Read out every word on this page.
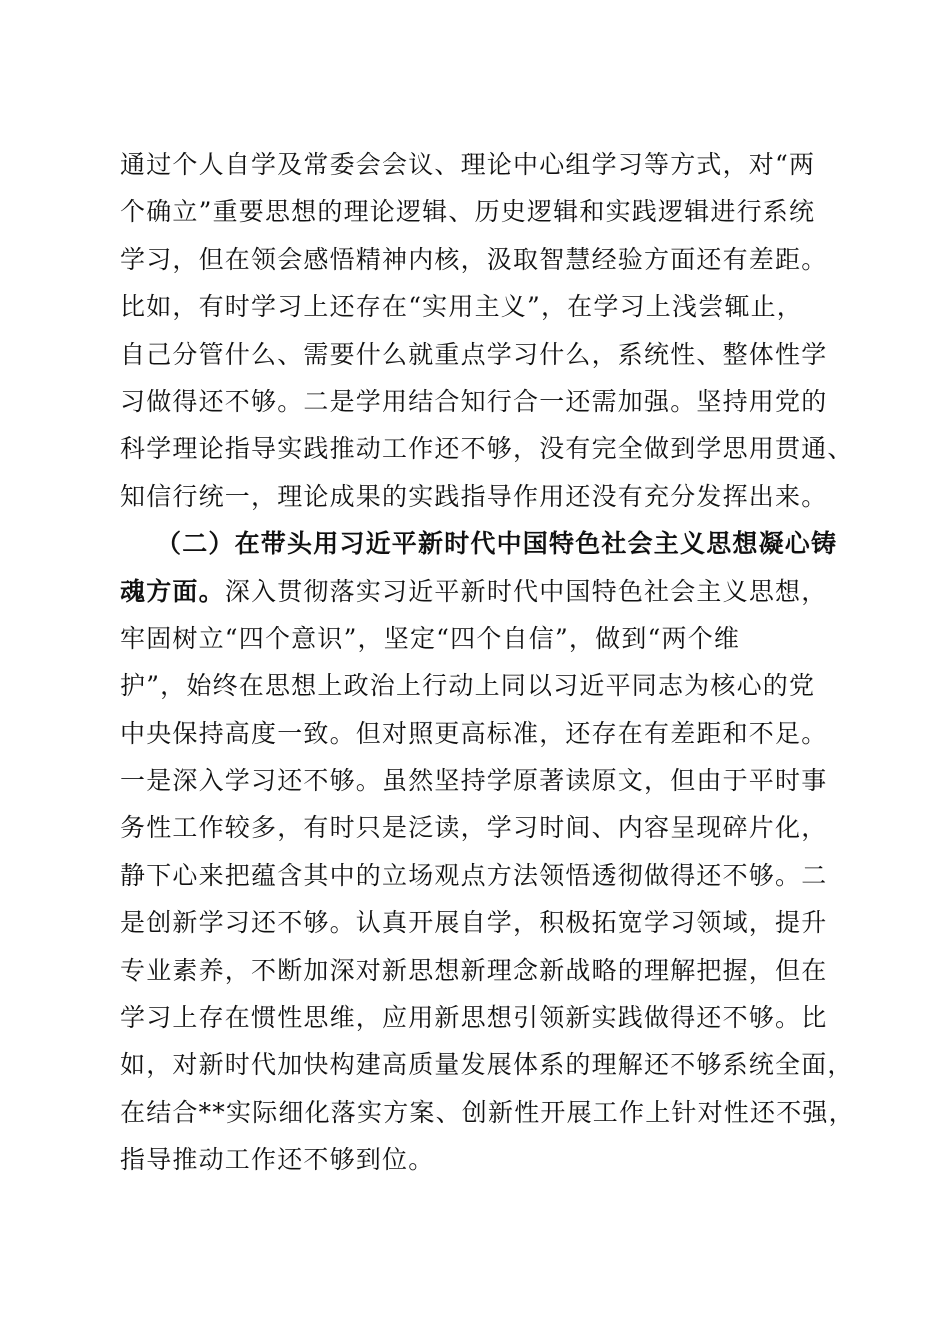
通过个人自学及常委会会议、理论中心组学习等方式，对“两
个确立”重要思想的理论逻辑、历史逻辑和实践逻辑进行系统
学习，但在领会感悟精神内核，汲取智慧经验方面还有差距。
比如，有时学习上还存在“实用主义”，在学习上浅尝辄止，
自己分管什么、需要什么就重点学习什么，系统性、整体性学
习做得还不够。二是学用结合知行合一还需加强。坚持用党的
科学理论指导实践推动工作还不够，没有完全做到学思用贯通、
知信行统一，理论成果的实践指导作用还没有充分发挥出来。
（二）在带头用习近平新时代中国特色社会主义思想凝心铸
魂方面。深入贯彻落实习近平新时代中国特色社会主义思想，
牢固树立“四个意识”，坚定“四个自信”，做到“两个维
护”，始终在思想上政治上行动上同以习近平同志为核心的党
中央保持高度一致。但对照更高标准，还存在有差距和不足。
一是深入学习还不够。虽然坚持学原著读原文，但由于平时事
务性工作较多，有时只是泛读，学习时间、内容呈现碎片化，
静下心来把蕴含其中的立场观点方法领悟透彻做得还不够。二
是创新学习还不够。认真开展自学，积极拓宽学习领域，提升
专业素养，不断加深对新思想新理念新战略的理解把握，但在
学习上存在惯性思维，应用新思想引领新实践做得还不够。比
如，对新时代加快构建高质量发展体系的理解还不够系统全面，
在结合**实际细化落实方案、创新性开展工作上针对性还不强，
指导推动工作还不够到位。
